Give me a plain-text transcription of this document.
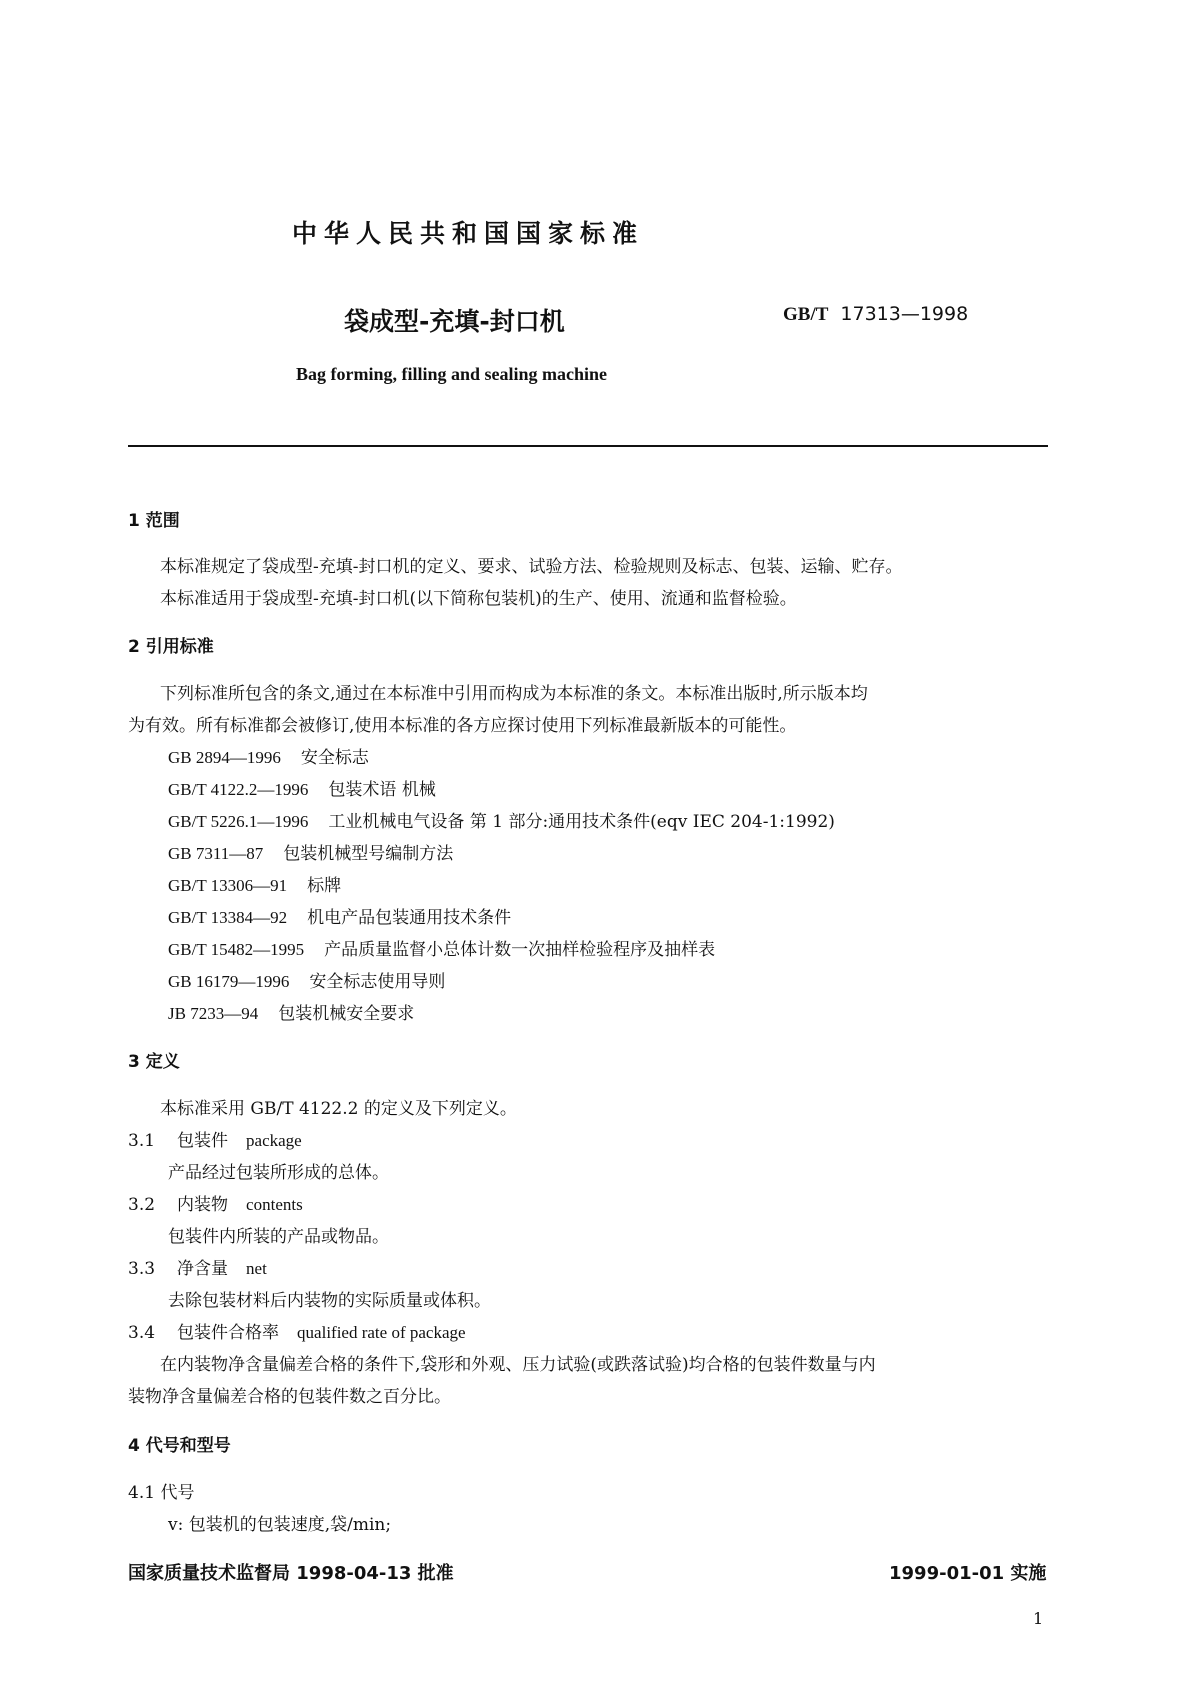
中华人民共和国国家标准
袋成型-充填-封口机	GB/T 17313—1998
Bag forming, filling and sealing machine
1 范围
本标准规定了袋成型-充填-封口机的定义、要求、试验方法、检验规则及标志、包装、运输、贮存。
本标准适用于袋成型-充填-封口机(以下简称包装机)的生产、使用、流通和监督检验。
2 引用标准
下列标准所包含的条文,通过在本标准中引用而构成为本标准的条文。本标准出版时,所示版本均
为有效。所有标准都会被修订,使用本标准的各方应探讨使用下列标准最新版本的可能性。
GB 2894—1996 安全标志
GB/T 4122.2—1996 包装术语 机械
GB/T 5226.1—1996 工业机械电气设备 第 1 部分:通用技术条件(eqv IEC 204-1:1992)
GB 7311—87 包装机械型号编制方法
GB/T 13306—91 标牌
GB/T 13384—92 机电产品包装通用技术条件
GB/T 15482—1995 产品质量监督小总体计数一次抽样检验程序及抽样表
GB 16179—1996 安全标志使用导则
JB 7233—94 包装机械安全要求
3 定义
本标准采用 GB/T 4122.2 的定义及下列定义。
3.1 包装件 package
产品经过包装所形成的总体。
3.2 内装物 contents
包装件内所装的产品或物品。
3.3 净含量 net
去除包装材料后内装物的实际质量或体积。
3.4 包装件合格率 qualified rate of package
在内装物净含量偏差合格的条件下,袋形和外观、压力试验(或跌落试验)均合格的包装件数量与内
装物净含量偏差合格的包装件数之百分比。
4 代号和型号
4.1 代号
v: 包装机的包装速度,袋/min;
国家质量技术监督局 1998-04-13 批准	1999-01-01 实施
1
